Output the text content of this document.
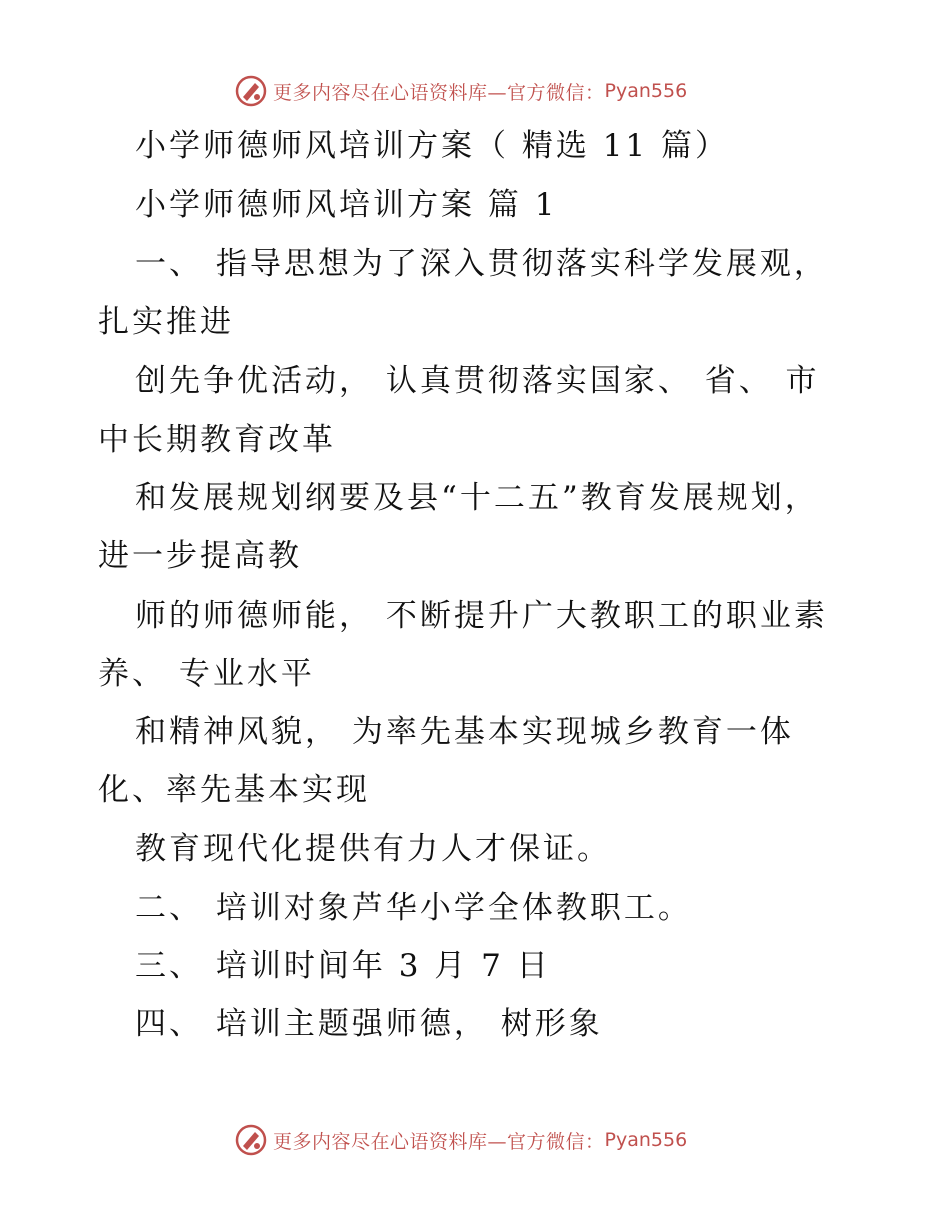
更多内容尽在心语资料库—官方微信： Pyan556
小学师德师风培训方案（ 精选 11 篇）
小学师德师风培训方案 篇 1
一、 指导思想为了深入贯彻落实科学发展观，
扎实推进
创先争优活动， 认真贯彻落实国家、 省、 市
中长期教育改革
和发展规划纲要及县“十二五”教育发展规划，
进一步提高教
师的师德师能， 不断提升广大教职工的职业素
养、 专业水平
和精神风貌， 为率先基本实现城乡教育一体
化、率先基本实现
教育现代化提供有力人才保证。
二、 培训对象芦华小学全体教职工。
三、 培训时间年 3 月 7 日
四、 培训主题强师德， 树形象
更多内容尽在心语资料库—官方微信： Pyan556
